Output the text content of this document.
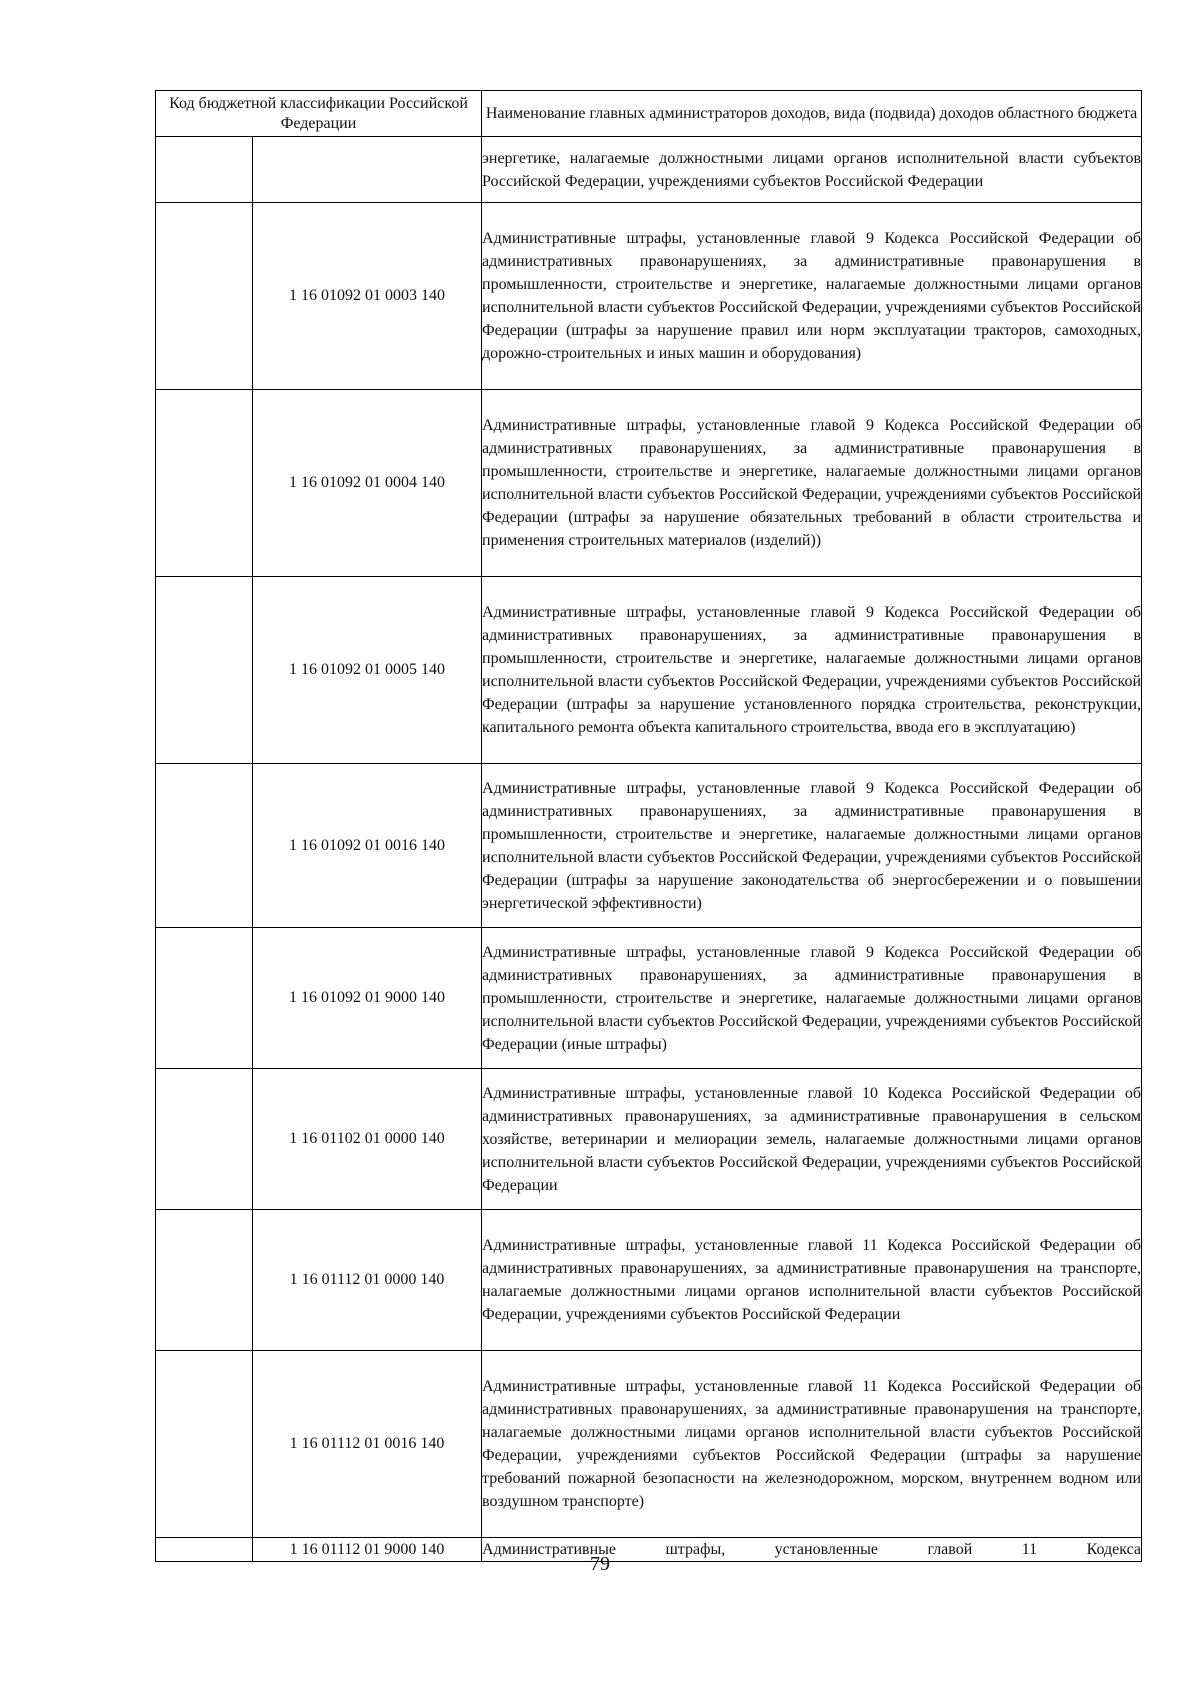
Код бюджетной классификации Российской Федерации		Наименование главных администраторов доходов, вида (подвида) доходов областного бюджета
		энергетике, налагаемые должностными лицами органов исполнительной власти субъектов Российской Федерации, учреждениями субъектов Российской Федерации
	1 16 01092 01 0003 140	Административные штрафы, установленные главой 9 Кодекса Российской Федерации об административных правонарушениях, за административные правонарушения в промышленности, строительстве и энергетике, налагаемые должностными лицами органов исполнительной власти субъектов Российской Федерации, учреждениями субъектов Российской Федерации (штрафы за нарушение правил или норм эксплуатации тракторов, самоходных, дорожно-строительных и иных машин и оборудования)
	1 16 01092 01 0004 140	Административные штрафы, установленные главой 9 Кодекса Российской Федерации об административных правонарушениях, за административные правонарушения в промышленности, строительстве и энергетике, налагаемые должностными лицами органов исполнительной власти субъектов Российской Федерации, учреждениями субъектов Российской Федерации (штрафы за нарушение обязательных требований в области строительства и применения строительных материалов (изделий))
	1 16 01092 01 0005 140	Административные штрафы, установленные главой 9 Кодекса Российской Федерации об административных правонарушениях, за административные правонарушения в промышленности, строительстве и энергетике, налагаемые должностными лицами органов исполнительной власти субъектов Российской Федерации, учреждениями субъектов Российской Федерации (штрафы за нарушение установленного порядка строительства, реконструкции, капитального ремонта объекта капитального строительства, ввода его в эксплуатацию)
	1 16 01092 01 0016 140	Административные штрафы, установленные главой 9 Кодекса Российской Федерации об административных правонарушениях, за административные правонарушения в промышленности, строительстве и энергетике, налагаемые должностными лицами органов исполнительной власти субъектов Российской Федерации, учреждениями субъектов Российской Федерации (штрафы за нарушение законодательства об энергосбережении и о повышении энергетической эффективности)
	1 16 01092 01 9000 140	Административные штрафы, установленные главой 9 Кодекса Российской Федерации об административных правонарушениях, за административные правонарушения в промышленности, строительстве и энергетике, налагаемые должностными лицами органов исполнительной власти субъектов Российской Федерации, учреждениями субъектов Российской Федерации (иные штрафы)
	1 16 01102 01 0000 140	Административные штрафы, установленные главой 10 Кодекса Российской Федерации об административных правонарушениях, за административные правонарушения в сельском хозяйстве, ветеринарии и мелиорации земель, налагаемые должностными лицами органов исполнительной власти субъектов Российской Федерации, учреждениями субъектов Российской Федерации
	1 16 01112 01 0000 140	Административные штрафы, установленные главой 11 Кодекса Российской Федерации об административных правонарушениях, за административные правонарушения на транспорте, налагаемые должностными лицами органов исполнительной власти субъектов Российской Федерации, учреждениями субъектов Российской Федерации
	1 16 01112 01 0016 140	Административные штрафы, установленные главой 11 Кодекса Российской Федерации об административных правонарушениях, за административные правонарушения на транспорте, налагаемые должностными лицами органов исполнительной власти субъектов Российской Федерации, учреждениями субъектов Российской Федерации (штрафы за нарушение требований пожарной безопасности на железнодорожном, морском, внутреннем водном или воздушном транспорте)
	1 16 01112 01 9000 140	Административные штрафы, установленные главой 11 Кодекса
79
